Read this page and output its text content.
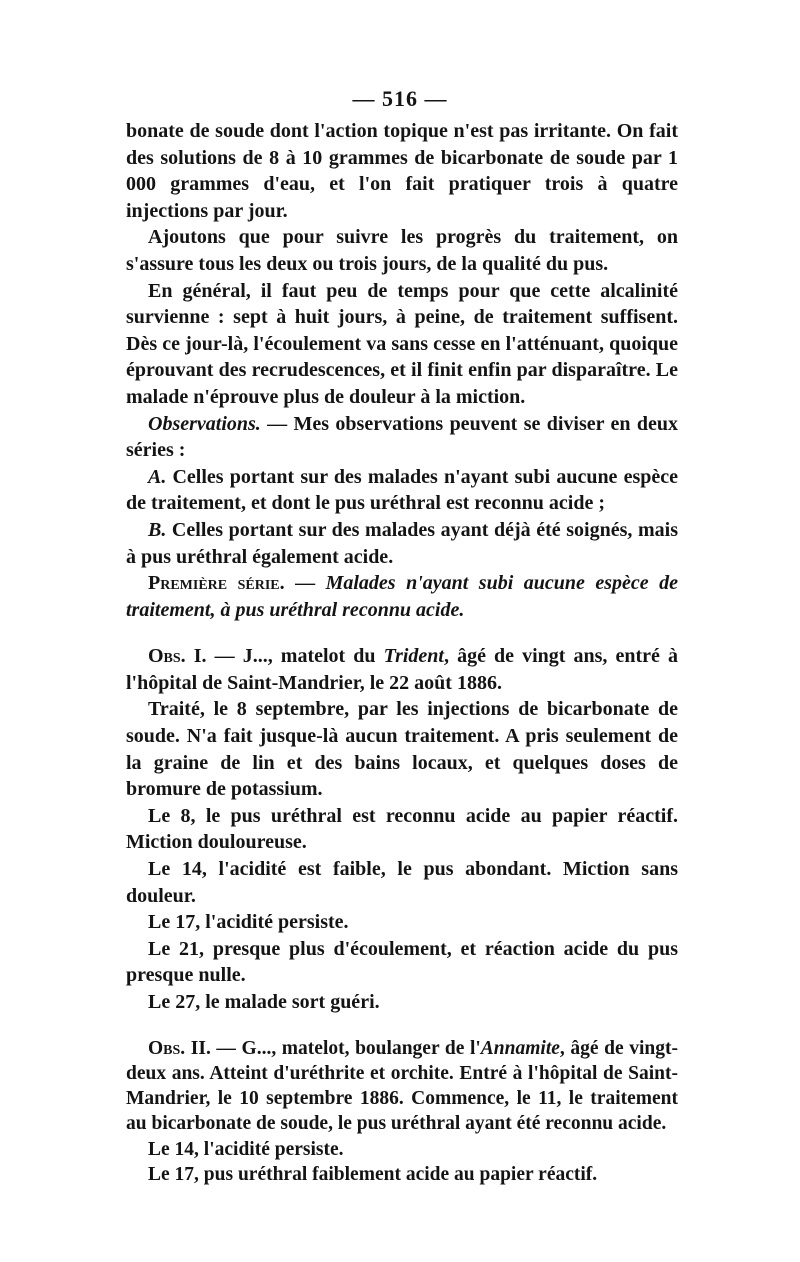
— 516 —

bonate de soude dont l'action topique n'est pas irritante. On fait des solutions de 8 à 10 grammes de bicarbonate de soude par 1 000 grammes d'eau, et l'on fait pratiquer trois à quatre injections par jour.

Ajoutons que pour suivre les progrès du traitement, on s'assure tous les deux ou trois jours, de la qualité du pus.

En général, il faut peu de temps pour que cette alcalinité survienne : sept à huit jours, à peine, de traitement suffisent. Dès ce jour-là, l'écoulement va sans cesse en l'atténuant, quoique éprouvant des recrudescences, et il finit enfin par disparaître. Le malade n'éprouve plus de douleur à la miction.

Observations. — Mes observations peuvent se diviser en deux séries :

A. Celles portant sur des malades n'ayant subi aucune espèce de traitement, et dont le pus uréthral est reconnu acide ;

B. Celles portant sur des malades ayant déjà été soignés, mais à pus uréthral également acide.

Première série. — Malades n'ayant subi aucune espèce de traitement, à pus uréthral reconnu acide.

Obs. I. — J..., matelot du Trident, âgé de vingt ans, entré à l'hôpital de Saint-Mandrier, le 22 août 1886.

Traité, le 8 septembre, par les injections de bicarbonate de soude. N'a fait jusque-là aucun traitement. A pris seulement de la graine de lin et des bains locaux, et quelques doses de bromure de potassium.

Le 8, le pus uréthral est reconnu acide au papier réactif. Miction douloureuse.

Le 14, l'acidité est faible, le pus abondant. Miction sans douleur.

Le 17, l'acidité persiste.

Le 21, presque plus d'écoulement, et réaction acide du pus presque nulle.

Le 27, le malade sort guéri.

Obs. II. — G..., matelot, boulanger de l'Annamite, âgé de vingt-deux ans. Atteint d'uréthrite et orchite. Entré à l'hôpital de Saint-Mandrier, le 10 septembre 1886. Commence, le 11, le traitement au bicarbonate de soude, le pus uréthral ayant été reconnu acide.

Le 14, l'acidité persiste.

Le 17, pus uréthral faiblement acide au papier réactif.
